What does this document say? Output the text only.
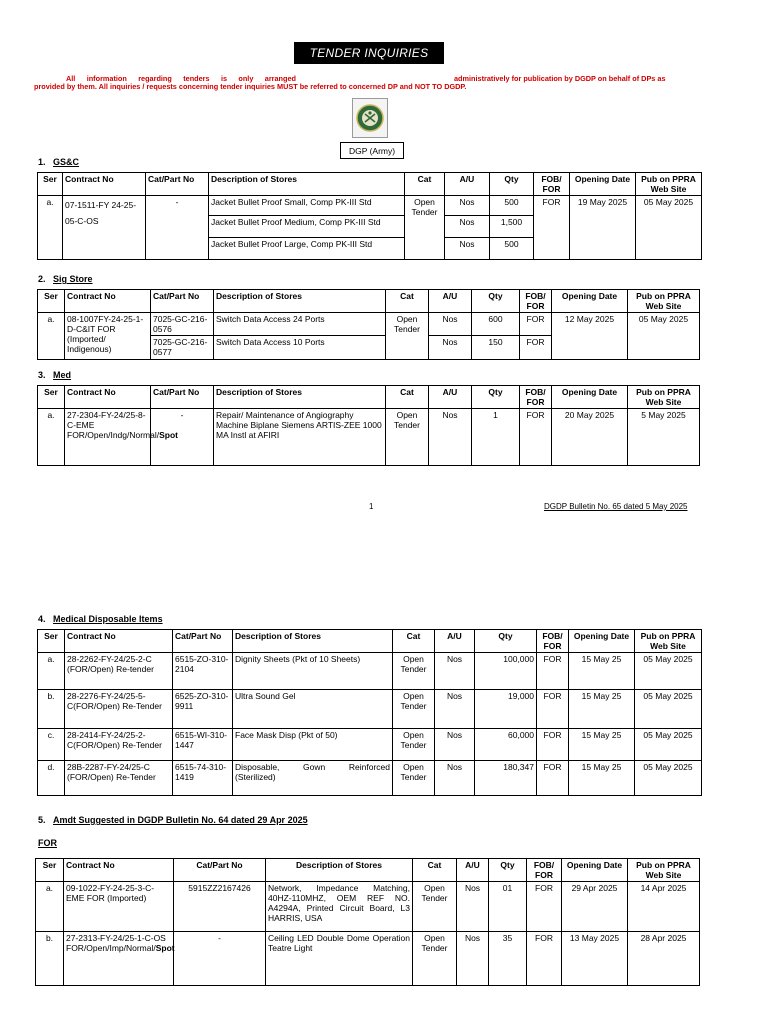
TENDER INQUIRIES
All information regarding tenders is only arranged	administratively for publication by DGDP on behalf of DPs as
provided by them. All inquiries / requests concerning tender inquiries MUST be referred to concerned DP and NOT TO DGDP.
DGP (Army)
1. GS&C
Ser	Contract No	Cat/Part No	Description of Stores	Cat	A/U	Qty	FOB/ FOR	Opening Date	Pub on PPRA Web Site
a.	07-1511-FY 24-25-05-C-OS	-	Jacket Bullet Proof Small, Comp PK-III Std	Open Tender	Nos	500	FOR	19 May 2025	05 May 2025
			Jacket Bullet Proof Medium, Comp PK-III Std		Nos	1,500			
			Jacket Bullet Proof Large, Comp PK-III Std		Nos	500			
2. Sig Store
Ser	Contract No	Cat/Part No	Description of Stores	Cat	A/U	Qty	FOB/ FOR	Opening Date	Pub on PPRA Web Site
a.	08-1007FY-24-25-1-D-C&IT FOR (Imported/ Indigenous)	7025-GC-216-0576	Switch Data Access 24 Ports	Open Tender	Nos	600	FOR	12 May 2025	05 May 2025
		7025-GC-216-0577	Switch Data Access 10 Ports		Nos	150	FOR		
3. Med
Ser	Contract No	Cat/Part No	Description of Stores	Cat	A/U	Qty	FOB/ FOR	Opening Date	Pub on PPRA Web Site
a.	27-2304-FY-24/25-8-C-EME FOR/Open/Indg/Normal/Spot	-	Repair/ Maintenance of Angiography Machine Biplane Siemens ARTIS-ZEE 1000 MA Instl at AFIRI	Open Tender	Nos	1	FOR	20 May 2025	5 May 2025
1	DGDP Bulletin No. 65 dated 5 May 2025
4. Medical Disposable Items
Ser	Contract No	Cat/Part No	Description of Stores	Cat	A/U	Qty	FOB/ FOR	Opening Date	Pub on PPRA Web Site
a.	28-2262-FY-24/25-2-C (FOR/Open) Re-tender	6515-ZO-310-2104	Dignity Sheets (Pkt of 10 Sheets)	Open Tender	Nos	100,000	FOR	15 May 25	05 May 2025
b.	28-2276-FY-24/25-5-C(FOR/Open) Re-Tender	6525-ZO-310-9911	Ultra Sound Gel	Open Tender	Nos	19,000	FOR	15 May 25	05 May 2025
c.	28-2414-FY-24/25-2-C(FOR/Open) Re-Tender	6515-WI-310-1447	Face Mask Disp (Pkt of 50)	Open Tender	Nos	60,000	FOR	15 May 25	05 May 2025
d.	28B-2287-FY-24/25-C (FOR/Open) Re-Tender	6515-74-310-1419	Disposable, Gown Reinforced (Sterilized)	Open Tender	Nos	180,347	FOR	15 May 25	05 May 2025
5. Amdt Suggested in DGDP Bulletin No. 64 dated 29 Apr 2025
FOR
Ser	Contract No	Cat/Part No	Description of Stores	Cat	A/U	Qty	FOB/ FOR	Opening Date	Pub on PPRA Web Site
a.	09-1022-FY-24-25-3-C-EME FOR (Imported)	5915ZZ2167426	Network, Impedance Matching, 40HZ-110MHZ, OEM REF NO. A4294A, Printed Circuit Board, L3 HARRIS, USA	Open Tender	Nos	01	FOR	29 Apr 2025	14 Apr 2025
b.	27-2313-FY-24/25-1-C-OS FOR/Open/Imp/Normal/Spot	-	Ceiling LED Double Dome Operation Teatre Light	Open Tender	Nos	35	FOR	13 May 2025	28 Apr 2025
